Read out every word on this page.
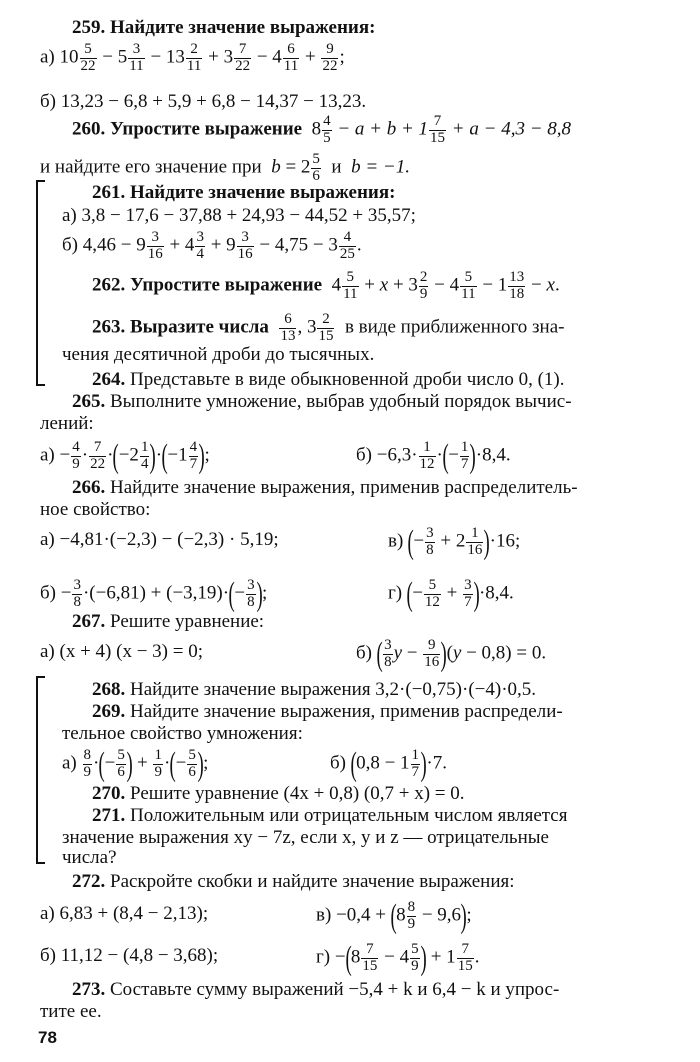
259. Найдите значение выражения:
а) $10 \frac{5}{22} - 5 \frac{3}{11} - 13 \frac{2}{11} + 3 \frac{7}{22} - 4 \frac{6}{11} + \frac{9}{22}$ ;
б) 13,23 − 6,8 + 5,9 + 6,8 − 14,37 − 13,23.
260. Упростите выражение  $8 \frac{4}{5} - a + b + 1 \frac{7}{15} + a - 4,3 - 8,8$
и найдите его значение при $b = 2 \frac{5}{6}$ и b = −1.
261. Найдите значение выражения:
а) 3,8 − 17,6 − 37,88 + 24,93 − 44,52 + 35,57;
б) $4,46 - 9 \frac{3}{16} + 4 \frac{3}{4} + 9 \frac{3}{16} - 4,75 - 3 \frac{4}{25}$ .
262. Упростите выражение  $4 \frac{5}{11} + x + 3 \frac{2}{9} - 4 \frac{5}{11} - 1 \frac{13}{18} - x$.
263. Выразите числа $\frac{6}{13}$ , $3 \frac{2}{15}$ в виде приближенного зна-
чения десятичной дроби до тысячных.
264. Представьте в виде обыкновенной дроби число 0, (1).
265. Выполните умножение, выбрав удобный порядок вычис-
лений:
$а) - \frac{4}{9} \cdot \frac{7}{22} \cdot(-2 \frac{1}{4} )\cdot(-1 \frac{4}{7}$ );	$б) -6,3\cdot \frac{1}{12}$ ·(− $\frac{1}{7} )\cdot 8,4$.
266. Найдите значение выражения, применив распределитель-
ное свойство:
а) −4,81·(−2,3) − (−2,3) · 5,19;	в) (− $\frac{3}{8} + 2 \frac{1}{16} )\cdot 16$;
$б) - \frac{3}{8} \cdot(-6,81) + (-3,19)\cdot(- \frac{3}{8}$ );	г) (− $\frac{5}{12} + \frac{3}{7} )\cdot 8,4$.
267. Решите уравнение:
а) (x + 4) (x − 3) = 0;	б) ( $\frac{3}{8}$ $y - \frac{9}{16} )(y - 0,8) = 0$.
268. Найдите значение выражения 3,2·(−0,75)·(−4)·0,5.
269. Найдите значение выражения, применив распредели-
тельное свойство умножения:
$а) \frac{8}{9}$ ·(− $\frac{5}{6}$ ) + $\frac{1}{9}$ ·(− $\frac{5}{6}$ );	б) $(0,8 - 1 \frac{1}{7} )\cdot 7$.
270. Решите уравнение (4x + 0,8) (0,7 + x) = 0.
271. Положительным или отрицательным числом является
значение выражения xy − 7z, если x, y и z — отрицательные
числа?
272. Раскройте скобки и найдите значение выражения:
а) 6,83 + (8,4 − 2,13);	$в) -0,4 + (8 \frac{8}{9} - 9,6)$;
б) 11,12 − (4,8 − 3,68);	$г) -(8 \frac{7}{15} - 4 \frac{5}{9}$ ) + $1 \frac{7}{15}$ .
273. Составьте сумму выражений −5,4 + k и 6,4 − k и упрос-
тите ее.
78
